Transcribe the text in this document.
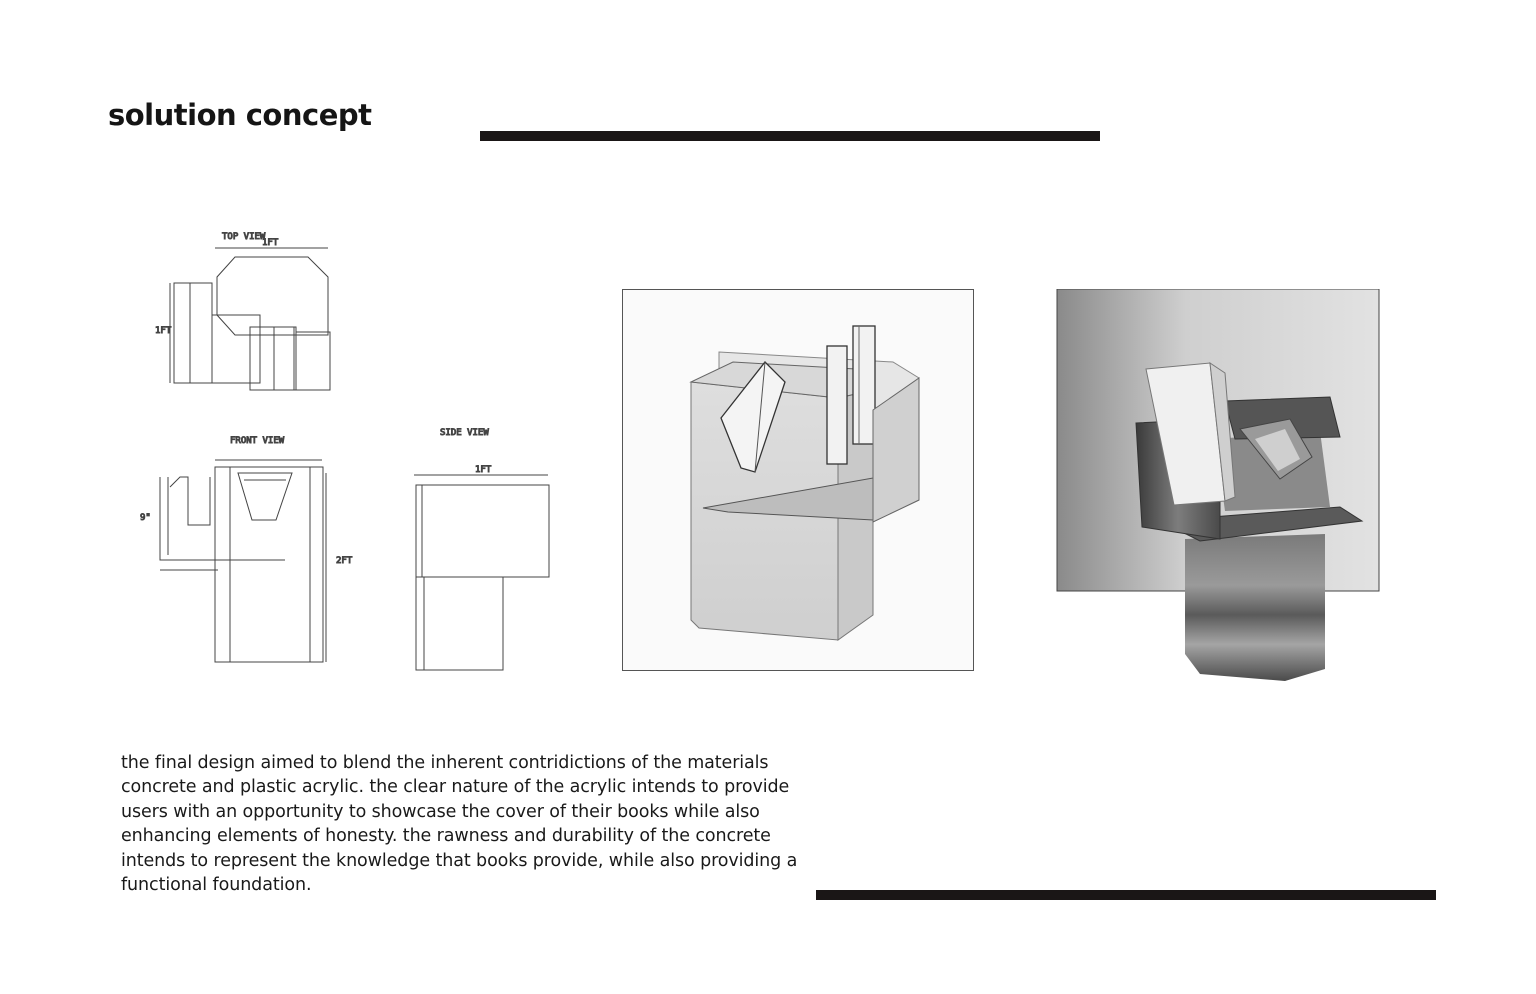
solution concept
TOP VIEW
1FT
1FT
FRONT VIEW
9"
2FT
SIDE VIEW
1FT
the final design aimed to blend the inherent contridictions of the materials concrete and plastic acrylic. the clear nature of the acrylic intends to provide users with an opportunity to showcase the cover of their books while also enhancing elements of honesty. the rawness and durability of the concrete intends to represent the knowledge that books provide, while also providing a functional foundation.
